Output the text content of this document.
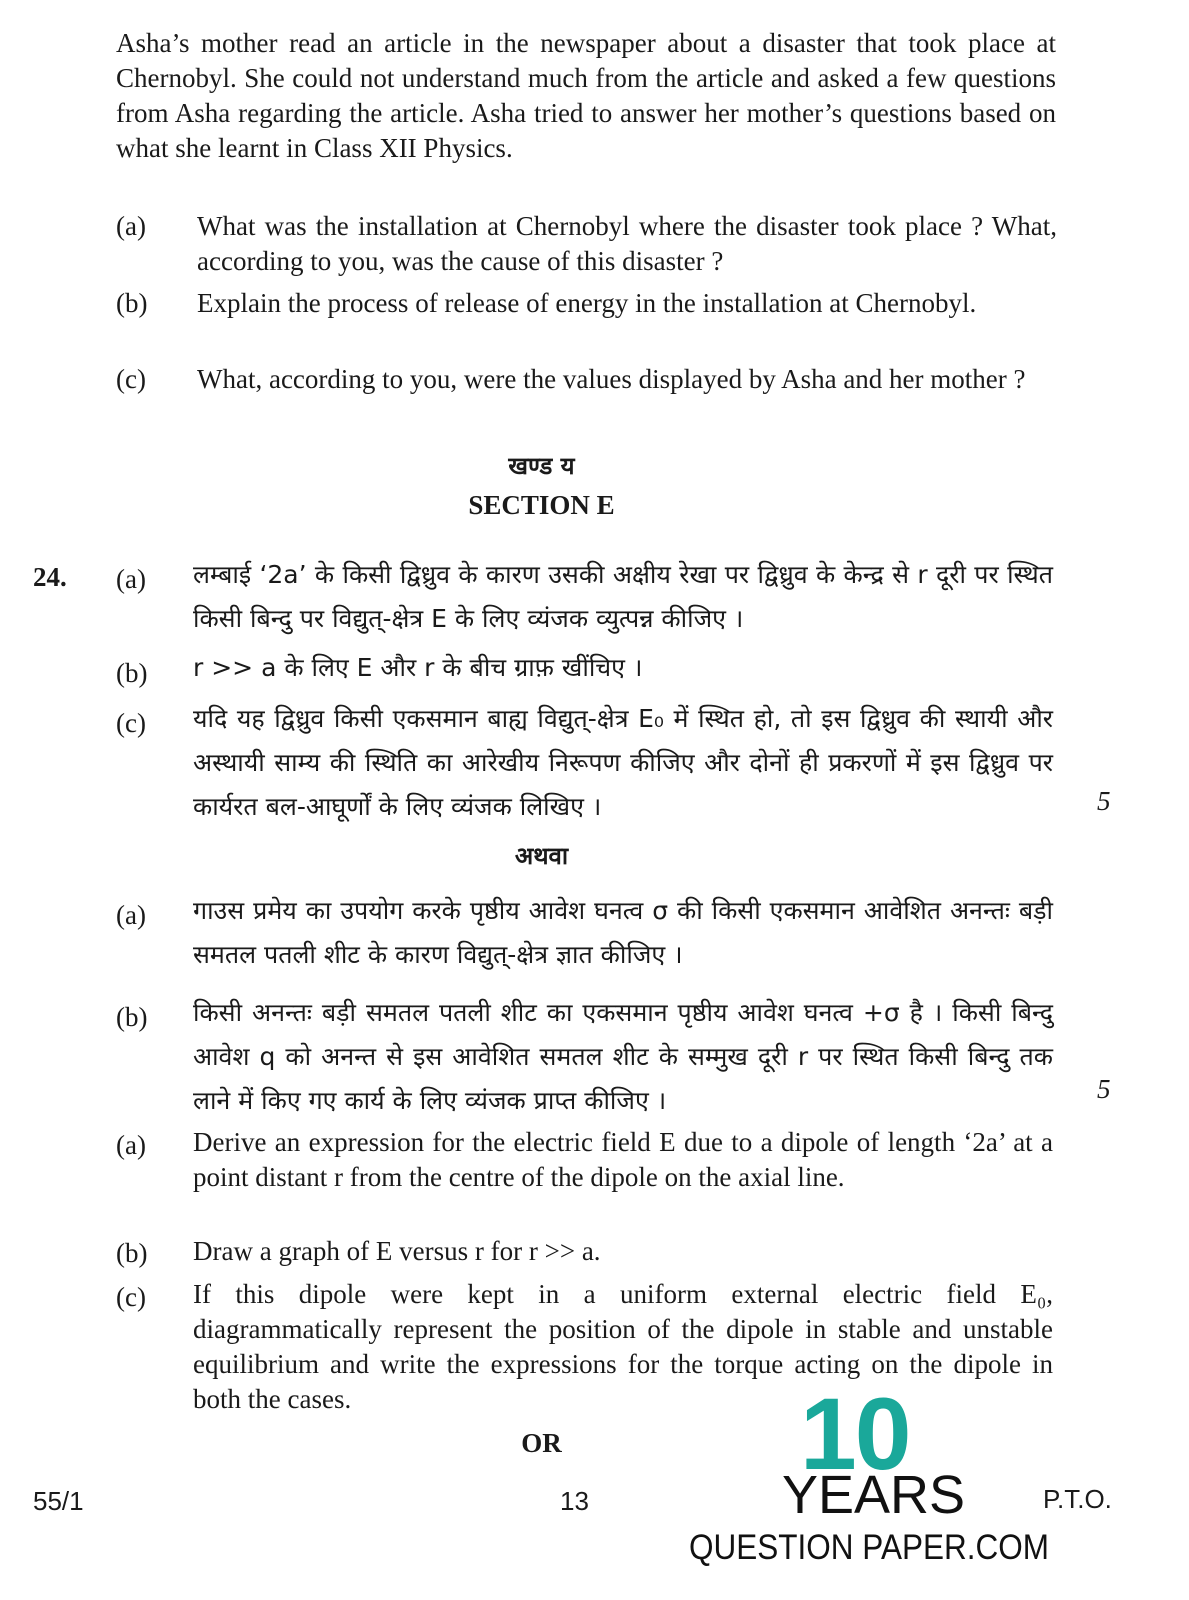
Asha’s mother read an article in the newspaper about a disaster that took place at Chernobyl. She could not understand much from the article and asked a few questions from Asha regarding the article. Asha tried to answer her mother’s questions based on what she learnt in Class XII Physics.
(a) What was the installation at Chernobyl where the disaster took place ? What, according to you, was the cause of this disaster ?
(b) Explain the process of release of energy in the installation at Chernobyl.
(c) What, according to you, were the values displayed by Asha and her mother ?
खण्ड य
SECTION E
24. (a) लम्बाई ‘2a’ के किसी द्विध्रुव के कारण उसकी अक्षीय रेखा पर द्विध्रुव के केन्द्र से r दूरी पर स्थित किसी बिन्दु पर विद्युत्-क्षेत्र E के लिए व्यंजक व्युत्पन्न कीजिए ।
(b) r >> a के लिए E और r के बीच ग्राफ़ खींचिए ।
(c) यदि यह द्विध्रुव किसी एकसमान बाह्य विद्युत्-क्षेत्र E₀ में स्थित हो, तो इस द्विध्रुव की स्थायी और अस्थायी साम्य की स्थिति का आरेखीय निरूपण कीजिए और दोनों ही प्रकरणों में इस द्विध्रुव पर कार्यरत बल-आघूर्णों के लिए व्यंजक लिखिए ।	5
अथवा
(a) गाउस प्रमेय का उपयोग करके पृष्ठीय आवेश घनत्व σ की किसी एकसमान आवेशित अनन्तः बड़ी समतल पतली शीट के कारण विद्युत्-क्षेत्र ज्ञात कीजिए ।
(b) किसी अनन्तः बड़ी समतल पतली शीट का एकसमान पृष्ठीय आवेश घनत्व +σ है । किसी बिन्दु आवेश q को अनन्त से इस आवेशित समतल शीट के सम्मुख दूरी r पर स्थित किसी बिन्दु तक लाने में किए गए कार्य के लिए व्यंजक प्राप्त कीजिए ।	5
(a) Derive an expression for the electric field E due to a dipole of length ‘2a’ at a point distant r from the centre of the dipole on the axial line.
(b) Draw a graph of E versus r for r >> a.
(c) If this dipole were kept in a uniform external electric field E₀, diagrammatically represent the position of the dipole in stable and unstable equilibrium and write the expressions for the torque acting on the dipole in both the cases.
OR
55/1	13	P.T.O.
10
YEARS
QUESTION PAPER.COM
